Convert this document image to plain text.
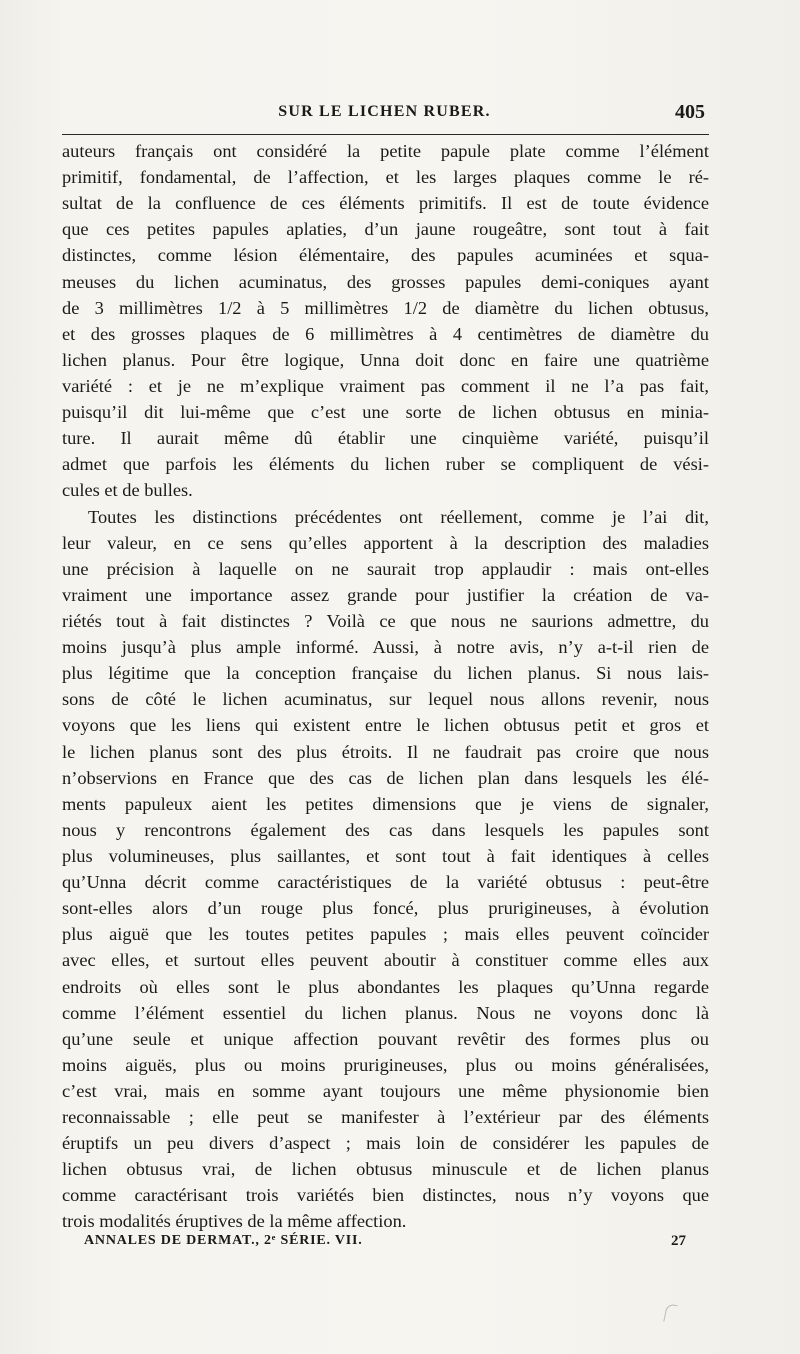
SUR LE LICHEN RUBER.	405
auteurs français ont considéré la petite papule plate comme l’élément
primitif, fondamental, de l’affection, et les larges plaques comme le ré-
sultat de la confluence de ces éléments primitifs. Il est de toute évidence
que ces petites papules aplaties, d’un jaune rougeâtre, sont tout à fait
distinctes, comme lésion élémentaire, des papules acuminées et squa-
meuses du lichen acuminatus, des grosses papules demi-coniques ayant
de 3 millimètres 1/2 à 5 millimètres 1/2 de diamètre du lichen obtusus,
et des grosses plaques de 6 millimètres à 4 centimètres de diamètre du
lichen planus. Pour être logique, Unna doit donc en faire une quatrième
variété : et je ne m’explique vraiment pas comment il ne l’a pas fait,
puisqu’il dit lui-même que c’est une sorte de lichen obtusus en minia-
ture. Il aurait même dû établir une cinquième variété, puisqu’il
admet que parfois les éléments du lichen ruber se compliquent de vési-
cules et de bulles.
Toutes les distinctions précédentes ont réellement, comme je l’ai dit,
leur valeur, en ce sens qu’elles apportent à la description des maladies
une précision à laquelle on ne saurait trop applaudir : mais ont-elles
vraiment une importance assez grande pour justifier la création de va-
riétés tout à fait distinctes ? Voilà ce que nous ne saurions admettre, du
moins jusqu’à plus ample informé. Aussi, à notre avis, n’y a-t-il rien de
plus légitime que la conception française du lichen planus. Si nous lais-
sons de côté le lichen acuminatus, sur lequel nous allons revenir, nous
voyons que les liens qui existent entre le lichen obtusus petit et gros et
le lichen planus sont des plus étroits. Il ne faudrait pas croire que nous
n’observions en France que des cas de lichen plan dans lesquels les élé-
ments papuleux aient les petites dimensions que je viens de signaler,
nous y rencontrons également des cas dans lesquels les papules sont
plus volumineuses, plus saillantes, et sont tout à fait identiques à celles
qu’Unna décrit comme caractéristiques de la variété obtusus : peut-être
sont-elles alors d’un rouge plus foncé, plus prurigineuses, à évolution
plus aiguë que les toutes petites papules ; mais elles peuvent coïncider
avec elles, et surtout elles peuvent aboutir à constituer comme elles aux
endroits où elles sont le plus abondantes les plaques qu’Unna regarde
comme l’élément essentiel du lichen planus. Nous ne voyons donc là
qu’une seule et unique affection pouvant revêtir des formes plus ou
moins aiguës, plus ou moins prurigineuses, plus ou moins généralisées,
c’est vrai, mais en somme ayant toujours une même physionomie bien
reconnaissable ; elle peut se manifester à l’extérieur par des éléments
éruptifs un peu divers d’aspect ; mais loin de considérer les papules de
lichen obtusus vrai, de lichen obtusus minuscule et de lichen planus
comme caractérisant trois variétés bien distinctes, nous n’y voyons que
trois modalités éruptives de la même affection.
ANNALES DE DERMAT., 2ᵉ SÉRIE. VII.	27
